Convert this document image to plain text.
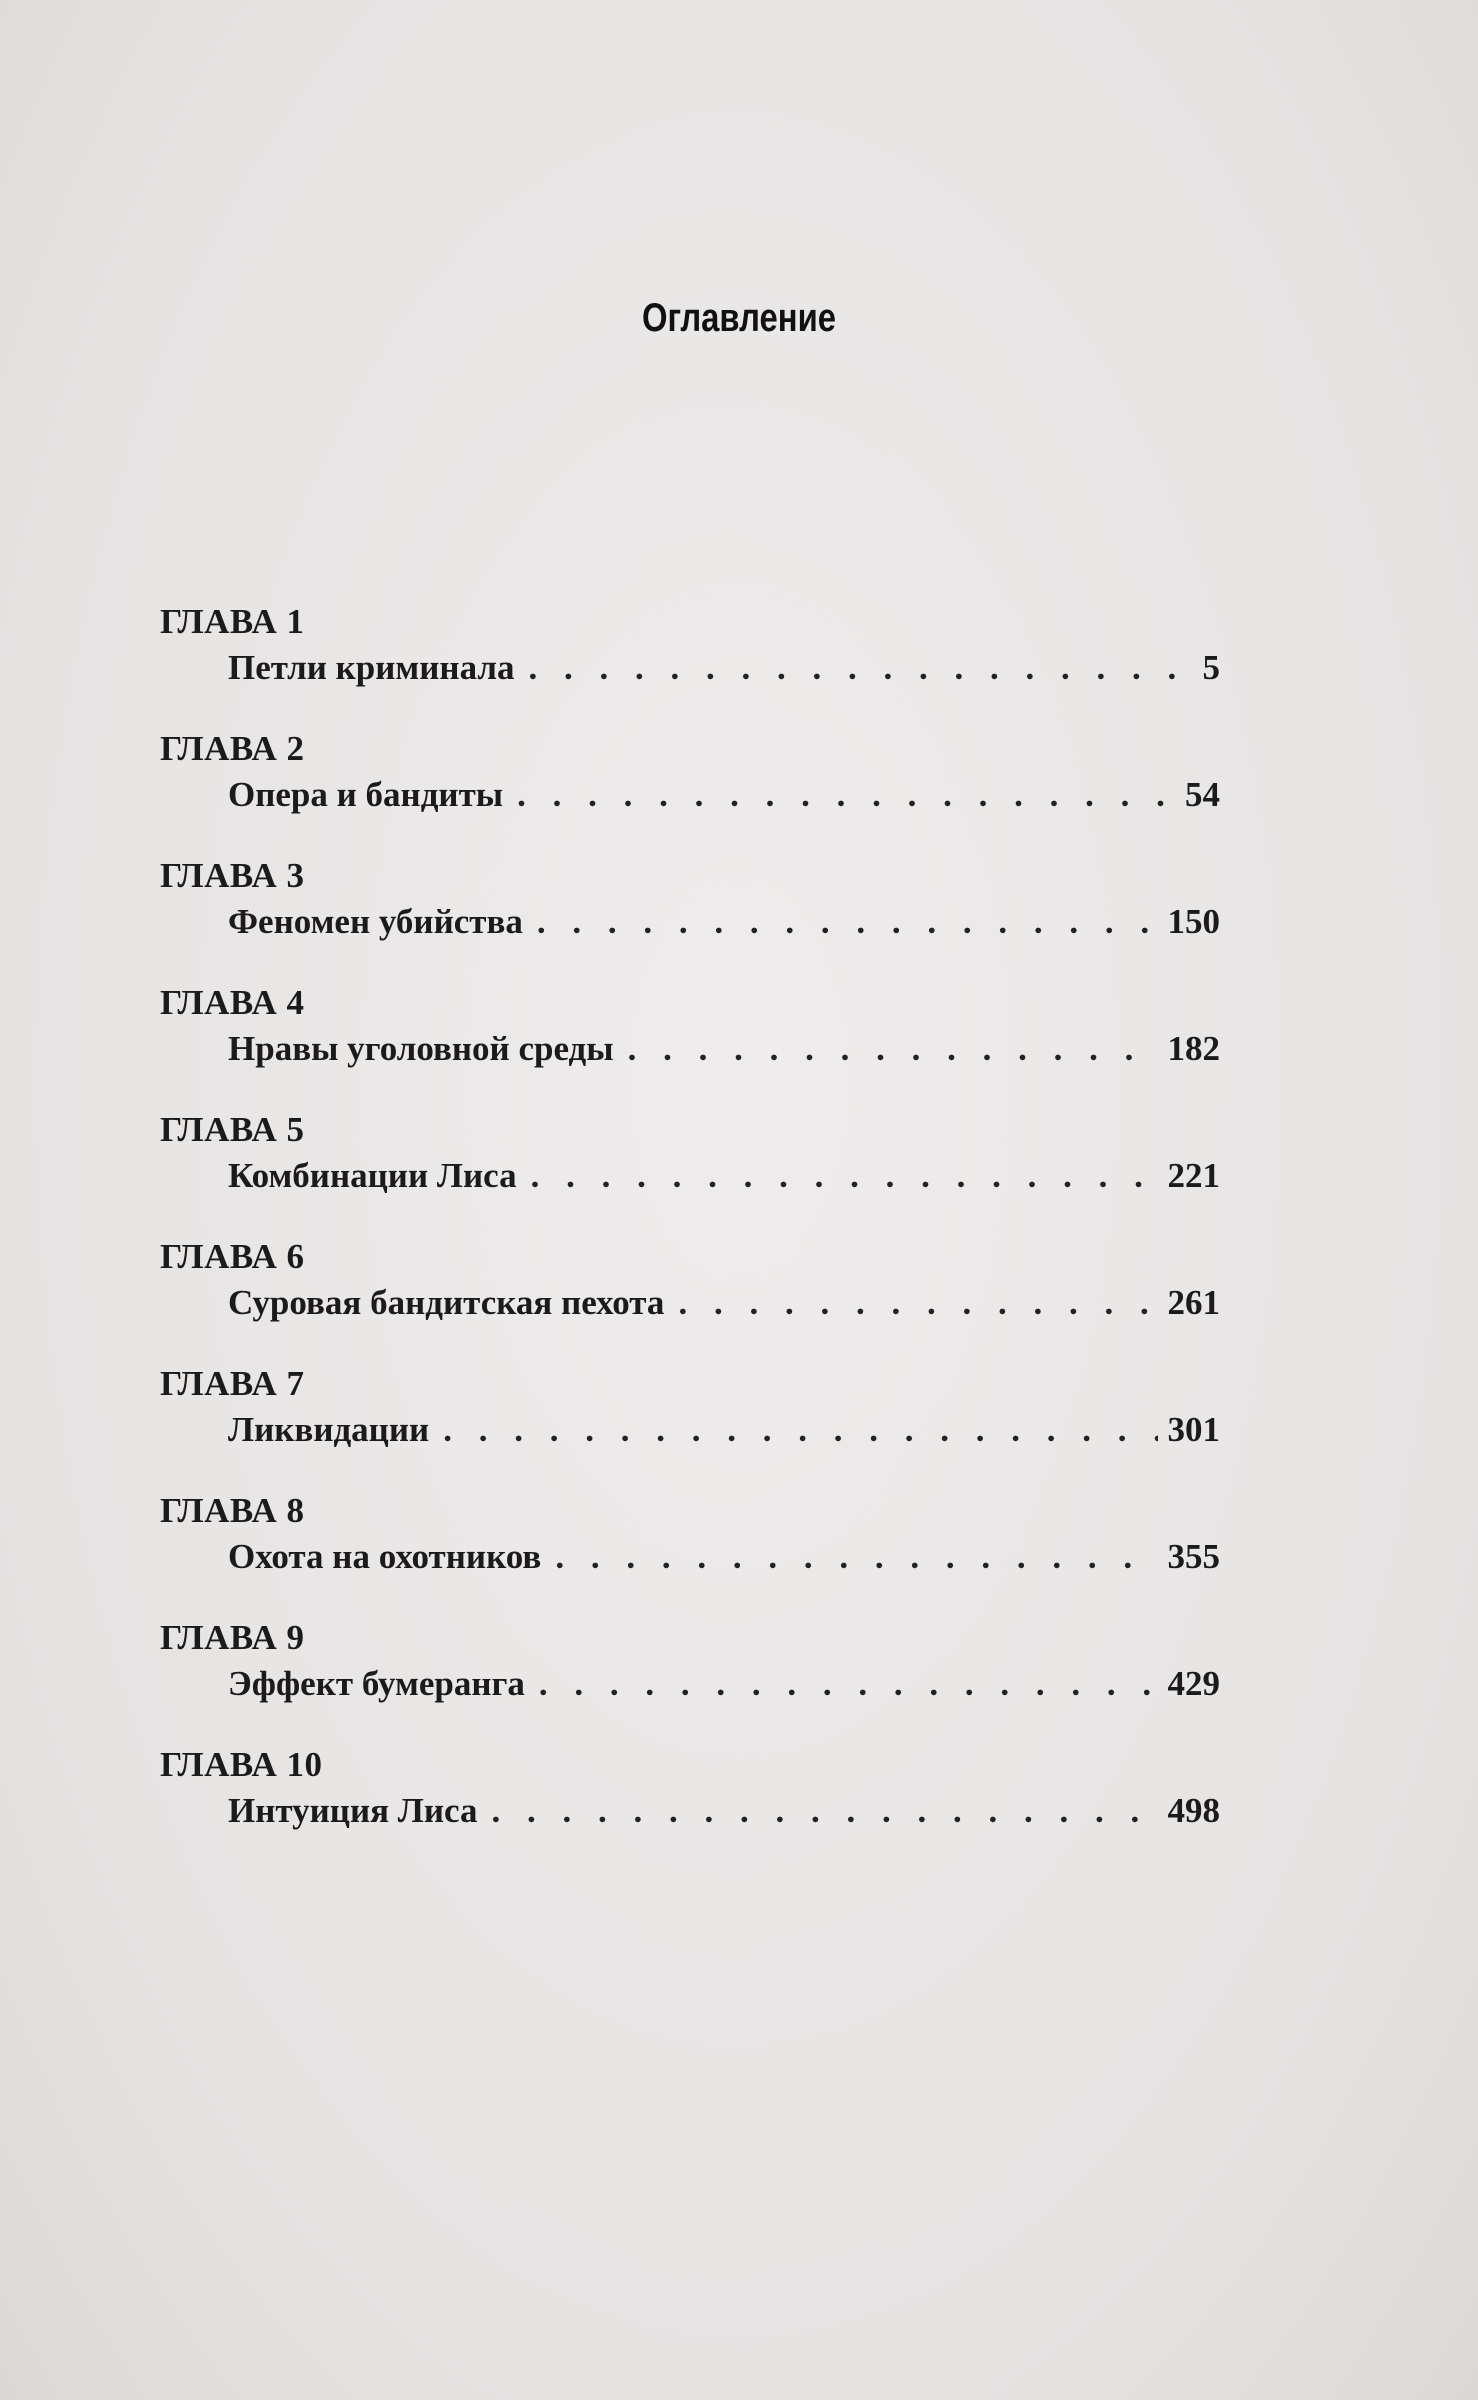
Оглавление
ГЛАВА 1
Петли криминала . . .	5
ГЛАВА 2
Опера и бандиты . . .	54
ГЛАВА 3
Феномен убийства . . .	150
ГЛАВА 4
Нравы уголовной среды . . .	182
ГЛАВА 5
Комбинации Лиса . . .	221
ГЛАВА 6
Суровая бандитская пехота . . .	261
ГЛАВА 7
Ликвидации . . .	301
ГЛАВА 8
Охота на охотников . . .	355
ГЛАВА 9
Эффект бумеранга . . .	429
ГЛАВА 10
Интуиция Лиса . . .	498
